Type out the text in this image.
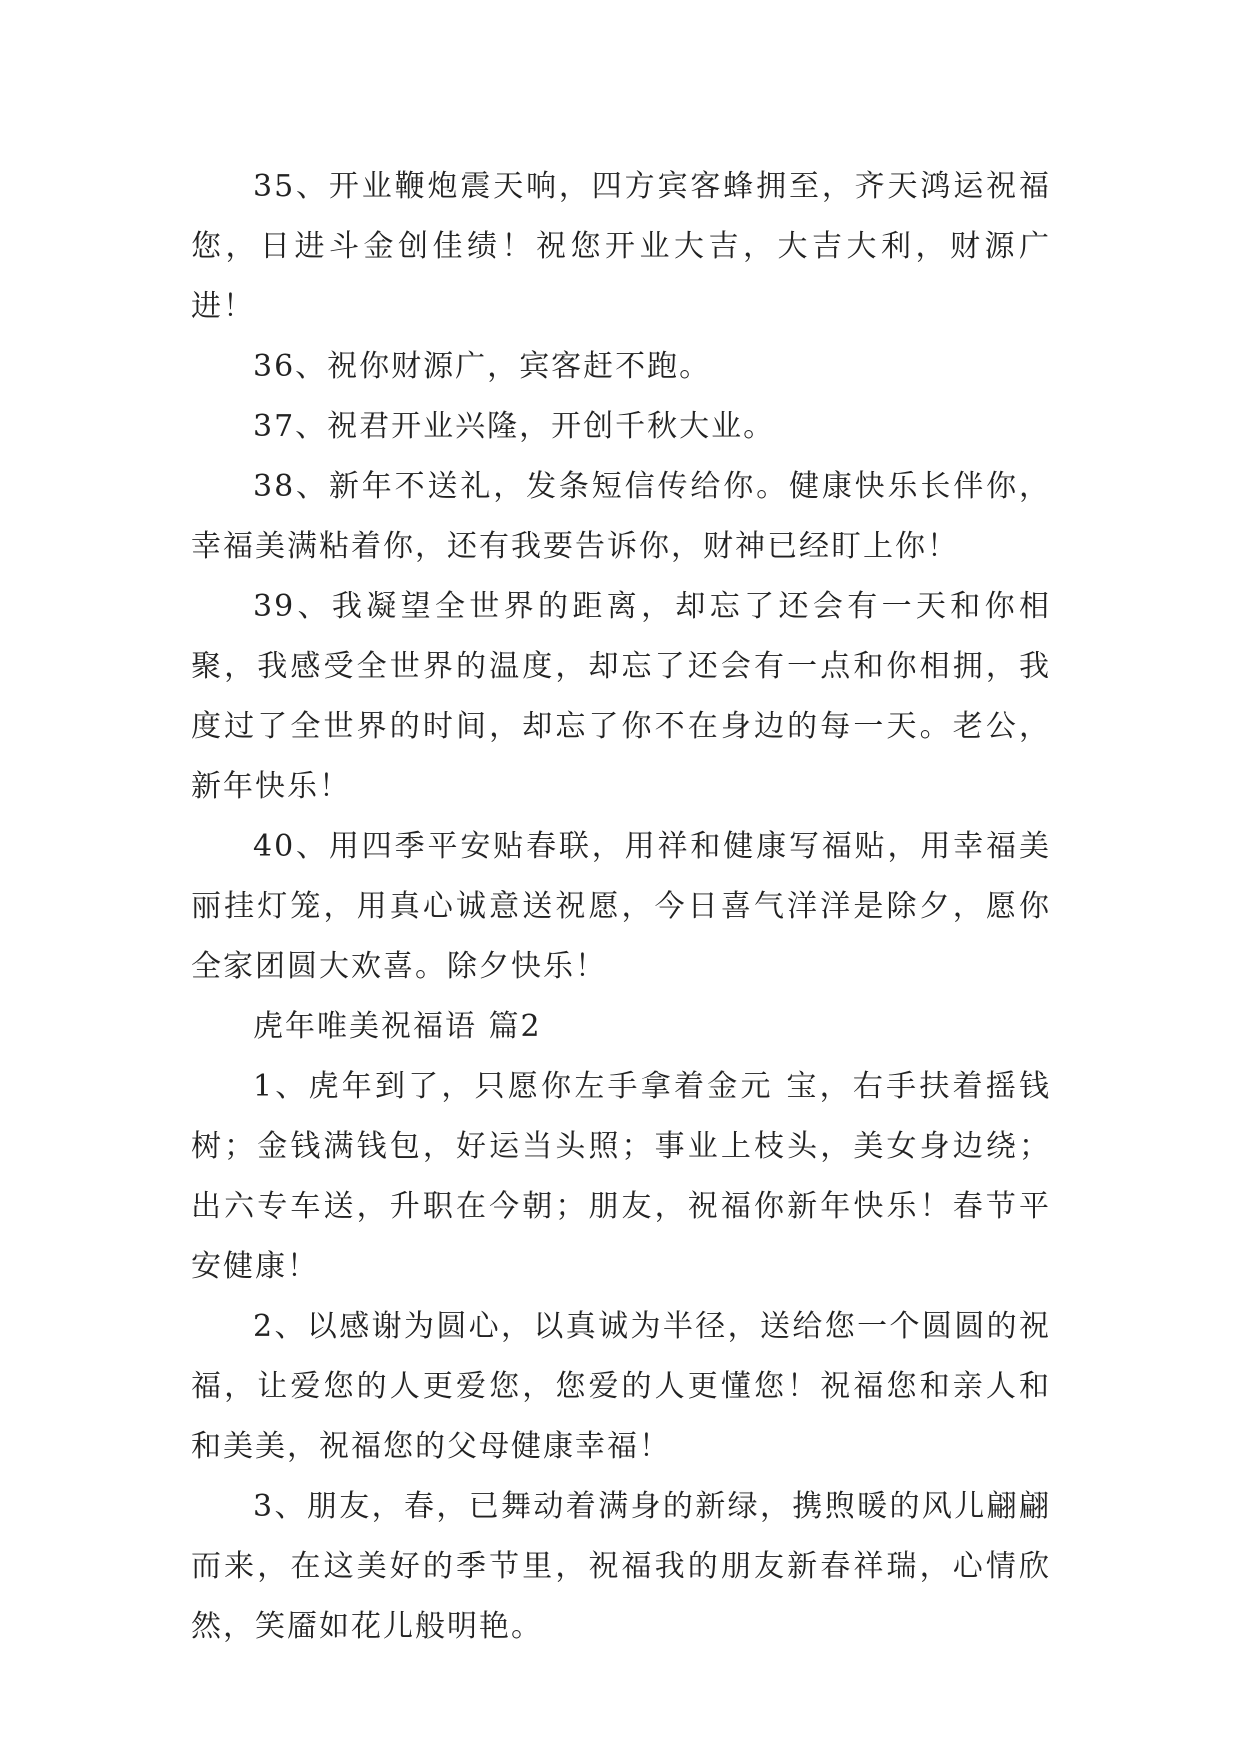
35、开业鞭炮震天响，四方宾客蜂拥至，齐天鸿运祝福您，日进斗金创佳绩！祝您开业大吉，大吉大利，财源广进！

36、祝你财源广，宾客赶不跑。

37、祝君开业兴隆，开创千秋大业。

38、新年不送礼，发条短信传给你。健康快乐长伴你，幸福美满粘着你，还有我要告诉你，财神已经盯上你！

39、我凝望全世界的距离，却忘了还会有一天和你相聚，我感受全世界的温度，却忘了还会有一点和你相拥，我度过了全世界的时间，却忘了你不在身边的每一天。老公，新年快乐！

40、用四季平安贴春联，用祥和健康写福贴，用幸福美丽挂灯笼，用真心诚意送祝愿，今日喜气洋洋是除夕，愿你全家团圆大欢喜。除夕快乐！

虎年唯美祝福语 篇2

1、虎年到了，只愿你左手拿着金元 宝，右手扶着摇钱树；金钱满钱包，好运当头照；事业上枝头，美女身边绕；出六专车送，升职在今朝；朋友，祝福你新年快乐！春节平安健康！

2、以感谢为圆心，以真诚为半径，送给您一个圆圆的祝福，让爱您的人更爱您，您爱的人更懂您！祝福您和亲人和和美美，祝福您的父母健康幸福！

3、朋友，春，已舞动着满身的新绿，携煦暖的风儿翩翩而来，在这美好的季节里，祝福我的朋友新春祥瑞，心情欣然，笑靥如花儿般明艳。
